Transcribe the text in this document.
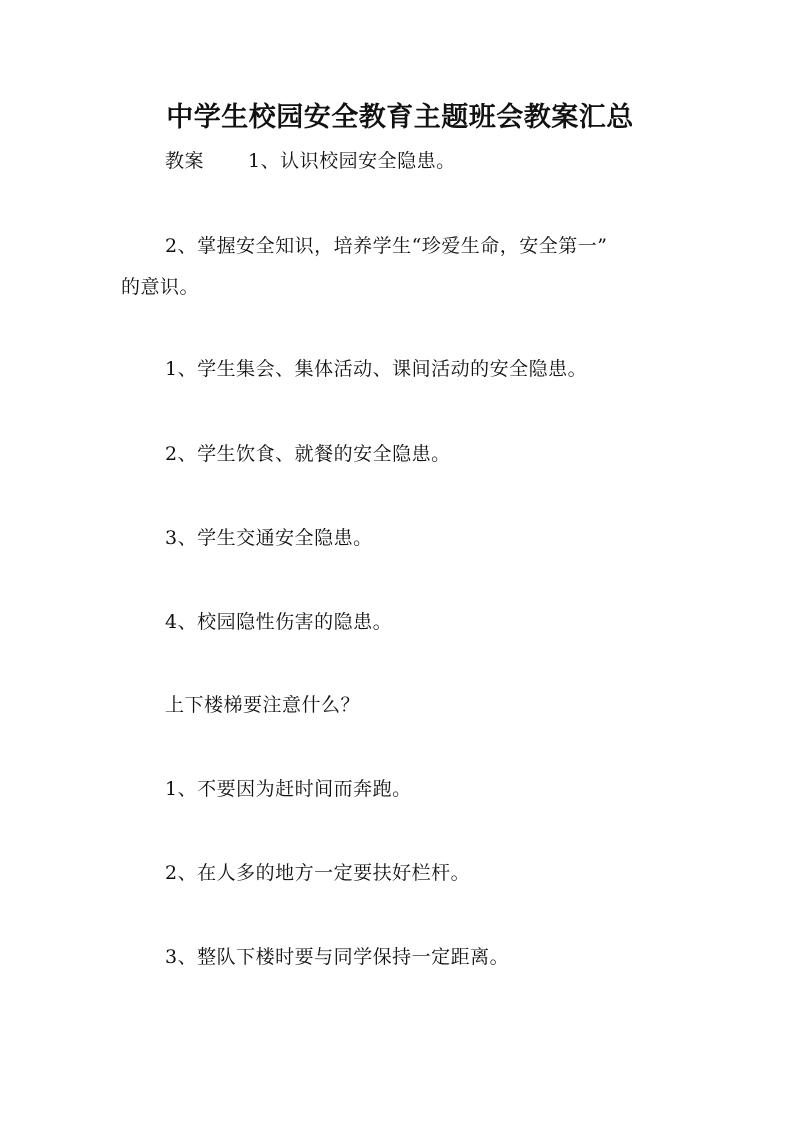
中学生校园安全教育主题班会教案汇总

教案 1、认识校园安全隐患。

2、掌握安全知识，培养学生“珍爱生命，安全第一”

的意识。

1、学生集会、集体活动、课间活动的安全隐患。

2、学生饮食、就餐的安全隐患。

3、学生交通安全隐患。

4、校园隐性伤害的隐患。

上下楼梯要注意什么？

1、不要因为赶时间而奔跑。

2、在人多的地方一定要扶好栏杆。

3、整队下楼时要与同学保持一定距离。
